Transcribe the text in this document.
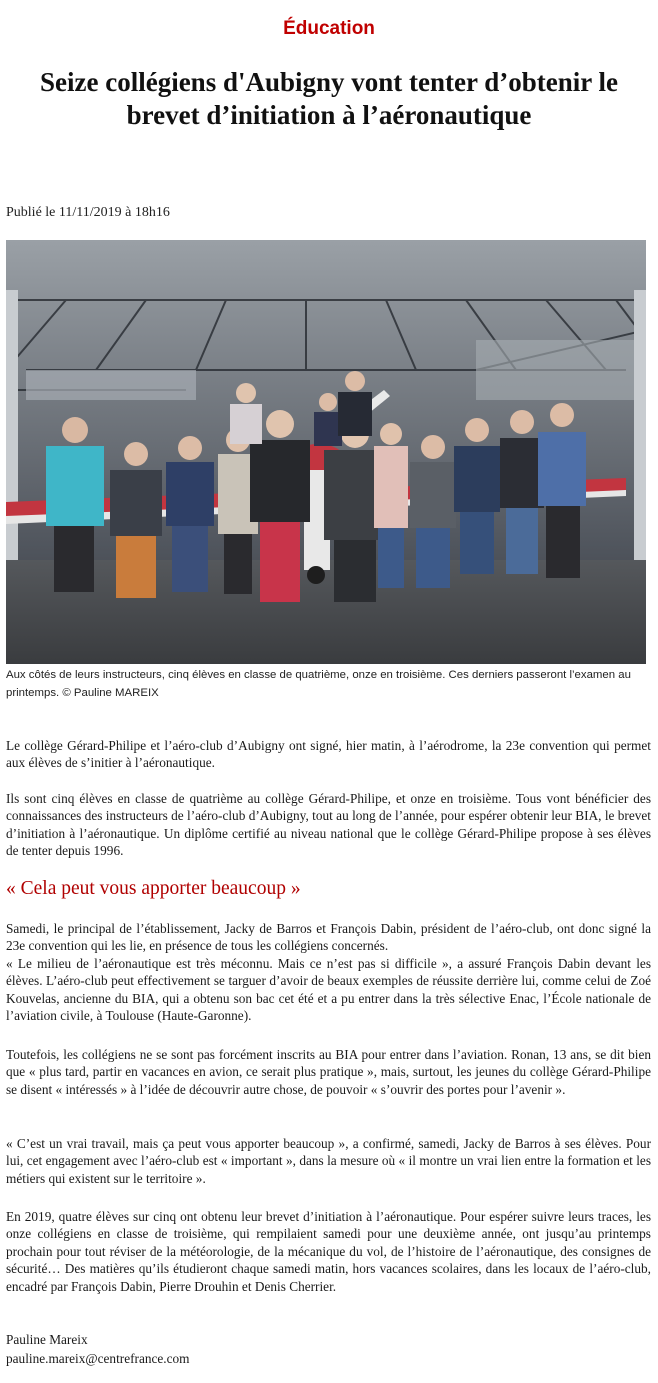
Éducation
Seize collégiens d'Aubigny vont tenter d’obtenir le brevet d’initiation à l’aéronautique
Publié le 11/11/2019 à 18h16

Aux côtés de leurs instructeurs, cinq élèves en classe de quatrième, onze en troisième. Ces derniers passeront l’examen au printemps. © Pauline MAREIX

Le collège Gérard-Philipe et l’aéro-club d’Aubigny ont signé, hier matin, à l’aérodrome, la 23e convention qui permet aux élèves de s’initier à l’aéronautique.

Ils sont cinq élèves en classe de quatrième au collège Gérard-Philipe, et onze en troisième. Tous vont bénéficier des connaissances des instructeurs de l’aéro-club d’Aubigny, tout au long de l’année, pour espérer obtenir leur BIA, le brevet d’initiation à l’aéronautique. Un diplôme certifié au niveau national que le collège Gérard-Philipe propose à ses élèves de tenter depuis 1996.

« Cela peut vous apporter beaucoup »

Samedi, le principal de l’établissement, Jacky de Barros et François Dabin, président de l’aéro-club, ont donc signé la 23e convention qui les lie, en présence de tous les collégiens concernés.

« Le milieu de l’aéronautique est très méconnu. Mais ce n’est pas si difficile », a assuré François Dabin devant les élèves. L’aéro-club peut effectivement se targuer d’avoir de beaux exemples de réussite derrière lui, comme celui de Zoé Kouvelas, ancienne du BIA, qui a obtenu son bac cet été et a pu entrer dans la très sélective Enac, l’École nationale de l’aviation civile, à Toulouse (Haute-Garonne).

Toutefois, les collégiens ne se sont pas forcément inscrits au BIA pour entrer dans l’aviation. Ronan, 13 ans, se dit bien que « plus tard, partir en vacances en avion, ce serait plus pratique », mais, surtout, les jeunes du collège Gérard-Philipe se disent « intéressés » à l’idée de découvrir autre chose, de pouvoir « s’ouvrir des portes pour l’avenir ».

« C’est un vrai travail, mais ça peut vous apporter beaucoup », a confirmé, samedi, Jacky de Barros à ses élèves. Pour lui, cet engagement avec l’aéro-club est « important », dans la mesure où « il montre un vrai lien entre la formation et les métiers qui existent sur le territoire ».

En 2019, quatre élèves sur cinq ont obtenu leur brevet d’initiation à l’aéronautique. Pour espérer suivre leurs traces, les onze collégiens en classe de troisième, qui rempilaient samedi pour une deuxième année, ont jusqu’au printemps prochain pour tout réviser de la météorologie, de la mécanique du vol, de l’histoire de l’aéronautique, des consignes de sécurité… Des matières qu’ils étudieront chaque samedi matin, hors vacances scolaires, dans les locaux de l’aéro-club, encadré par François Dabin, Pierre Drouhin et Denis Cherrier.

Pauline Mareix
pauline.mareix@centrefrance.com
